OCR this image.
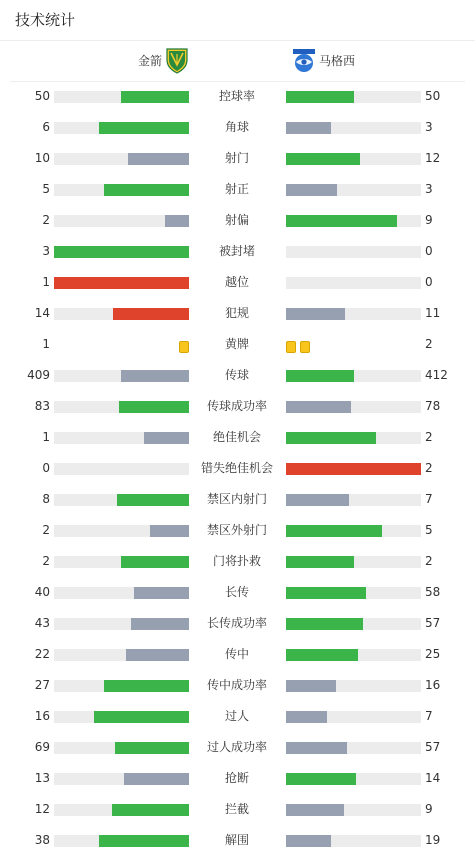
技术统计
金箭	马格西
50	控球率	50
6	角球	3
10	射门	12
5	射正	3
2	射偏	9
3	被封堵	0
1	越位	0
14	犯规	11
1	黄牌	2
409	传球	412
83	传球成功率	78
1	绝佳机会	2
0	错失绝佳机会	2
8	禁区内射门	7
2	禁区外射门	5
2	门将扑救	2
40	长传	58
43	长传成功率	57
22	传中	25
27	传中成功率	16
16	过人	7
69	过人成功率	57
13	抢断	14
12	拦截	9
38	解围	19
